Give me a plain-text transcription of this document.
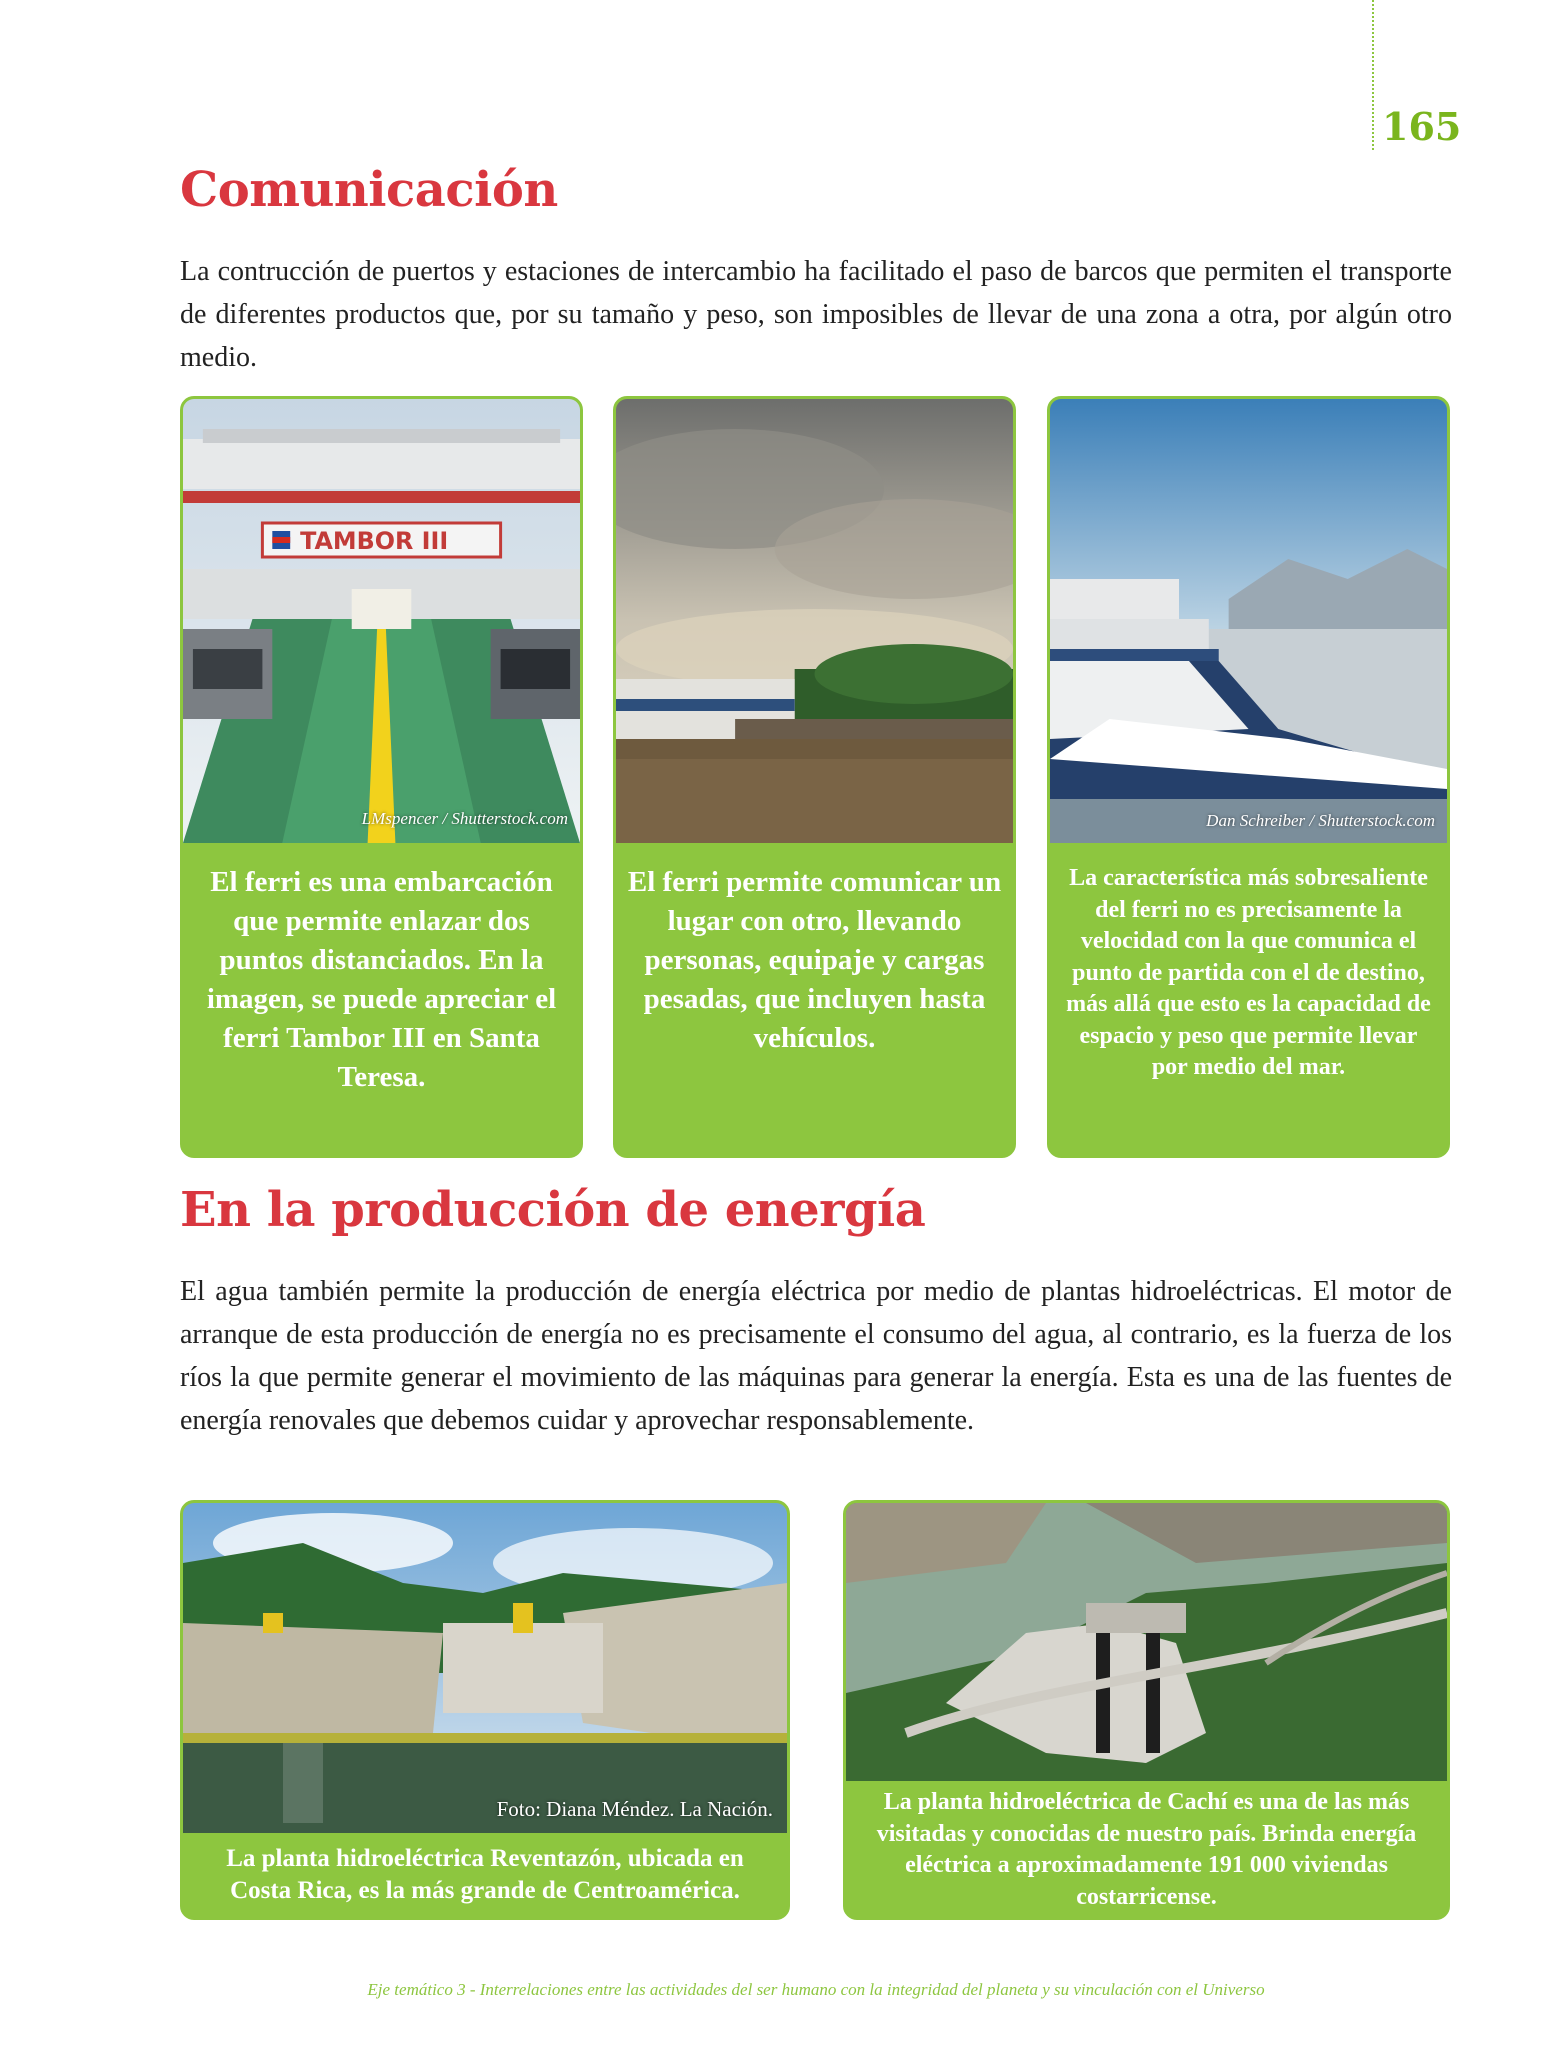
165
Comunicación

La contrucción de puertos y estaciones de intercambio ha facilitado el paso de barcos que permiten el transporte de diferentes productos que, por su tamaño y peso, son imposibles de llevar de una zona a otra, por algún otro medio.

TAMBOR III
LMspencer / Shutterstock.com
El ferri es una embarcación que permite enlazar dos puntos distanciados. En la imagen, se puede apreciar el ferri Tambor III en Santa Teresa.
El ferri permite comunicar un lugar con otro, llevando personas, equipaje y cargas pesadas, que incluyen hasta vehículos.
Dan Schreiber / Shutterstock.com
La característica más sobresaliente del ferri no es precisamente la velocidad con la que comunica el punto de partida con el de destino, más allá que esto es la capacidad de espacio y peso que permite llevar por medio del mar.
En la producción de energía

El agua también permite la producción de energía eléctrica por medio de plantas hidroeléctricas. El motor de arranque de esta producción de energía no es precisamente el consumo del agua, al contrario, es la fuerza de los ríos la que permite generar el movimiento de las máquinas para generar la energía. Esta es una de las fuentes de energía renovales que debemos cuidar y aprovechar responsablemente.

Foto: Diana Méndez. La Nación.
La planta hidroeléctrica Reventazón, ubicada en Costa Rica, es la más grande de Centroamérica.
La planta hidroeléctrica de Cachí es una de las más visitadas y conocidas de nuestro país. Brinda energía eléctrica a aproximadamente 191 000 viviendas costarricense.
Eje temático 3 - Interrelaciones entre las actividades del ser humano con la integridad del planeta y su vinculación con el Universo
